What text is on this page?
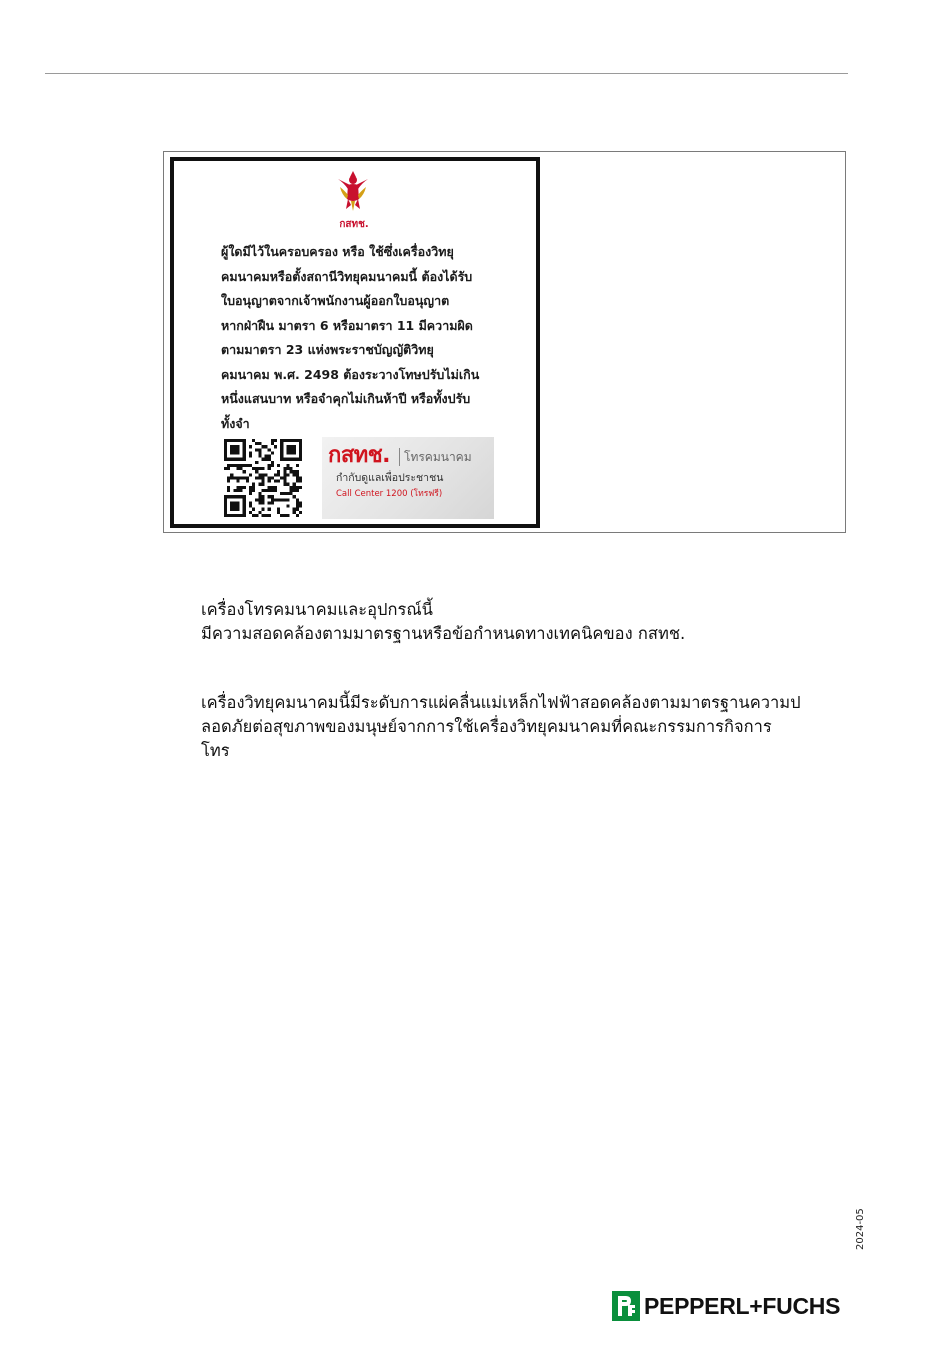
กสทช.
ผู้ใดมีไว้ในครอบครอง หรือ ใช้ซึ่งเครื่องวิทยุ
คมนาคมหรือตั้งสถานีวิทยุคมนาคมนี้ ต้องได้รับ
ใบอนุญาตจากเจ้าพนักงานผู้ออกใบอนุญาต
หากฝ่าฝืน มาตรา 6 หรือมาตรา 11 มีความผิด
ตามมาตรา 23 แห่งพระราชบัญญัติวิทยุ
คมนาคม พ.ศ. 2498 ต้องระวางโทษปรับไม่เกิน
หนึ่งแสนบาท หรือจำคุกไม่เกินห้าปี หรือทั้งปรับ
ทั้งจำ
กสทช. โทรคมนาคม
กำกับดูแลเพื่อประชาชน
Call Center 1200 (โทรฟรี)
เครื่องโทรคมนาคมและอุปกรณ์นี้
มีความสอดคล้องตามมาตรฐานหรือข้อกำหนดทางเทคนิคของ กสทช.
เครื่องวิทยุคมนาคมนี้มีระดับการแผ่คลื่นแม่เหล็กไฟฟ้าสอดคล้องตามมาตรฐานความป
ลอดภัยต่อสุขภาพของมนุษย์จากการใช้เครื่องวิทยุคมนาคมที่คณะกรรมการกิจการ
โทร
2024-05
PEPPERL+FUCHS
